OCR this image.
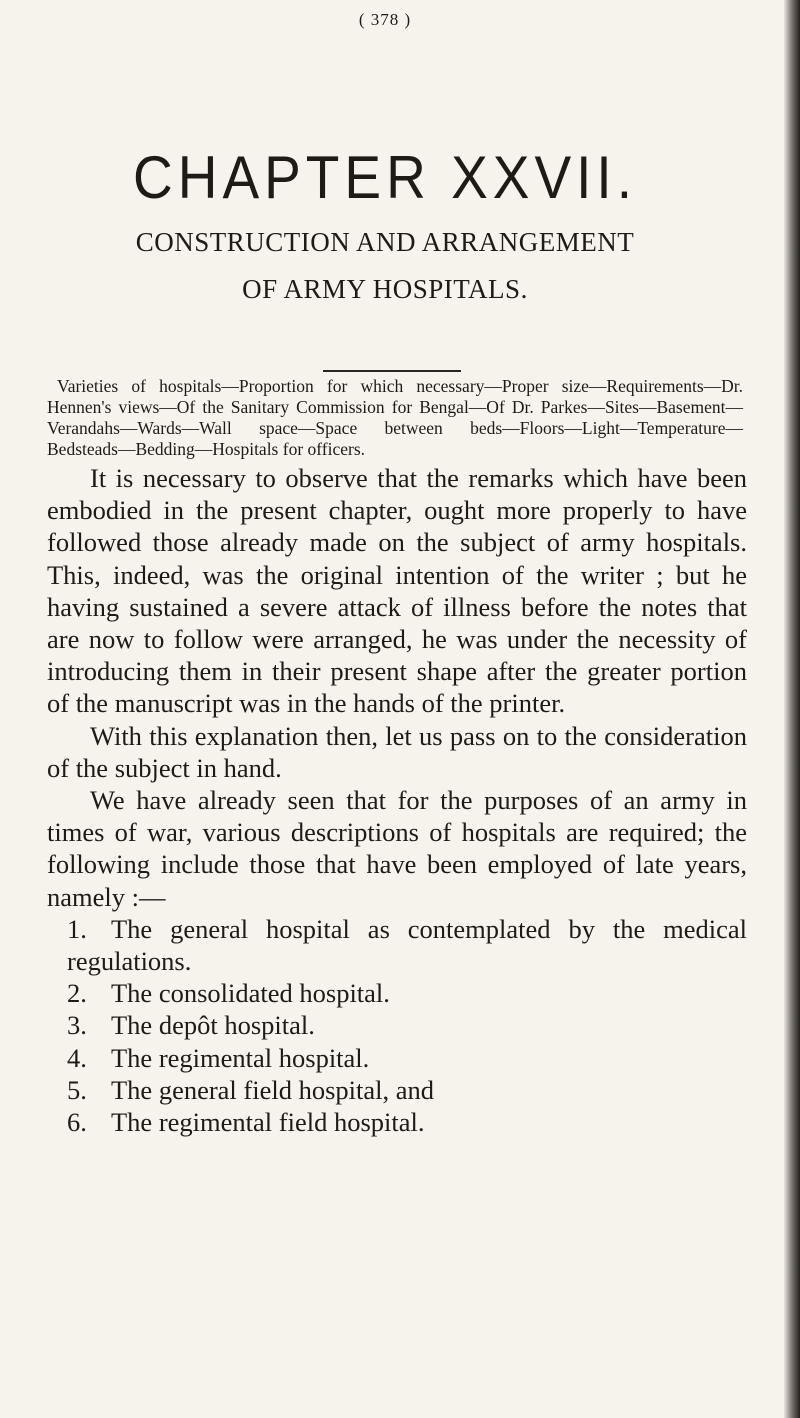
( 378 )
CHAPTER XXVII.
CONSTRUCTION AND ARRANGEMENT
OF ARMY HOSPITALS.
Varieties of hospitals—Proportion for which necessary—Proper size—Requirements—Dr. Hennen's views—Of the Sanitary Commission for Bengal—Of Dr. Parkes—Sites—Basement—Verandahs—Wards—Wall space—Space between beds—Floors—Light—Temperature—Bedsteads—Bedding—Hospitals for officers.

It is necessary to observe that the remarks which have been embodied in the present chapter, ought more properly to have followed those already made on the subject of army hospitals. This, indeed, was the original intention of the writer ; but he having sustained a severe attack of illness before the notes that are now to follow were arranged, he was under the necessity of introducing them in their present shape after the greater portion of the manuscript was in the hands of the printer.

With this explanation then, let us pass on to the consideration of the subject in hand.

We have already seen that for the purposes of an army in times of war, various descriptions of hospitals are required; the following include those that have been employed of late years, namely :—

1. The general hospital as contemplated by the medical regulations.
2. The consolidated hospital.
3. The depôt hospital.
4. The regimental hospital.
5. The general field hospital, and
6. The regimental field hospital.
